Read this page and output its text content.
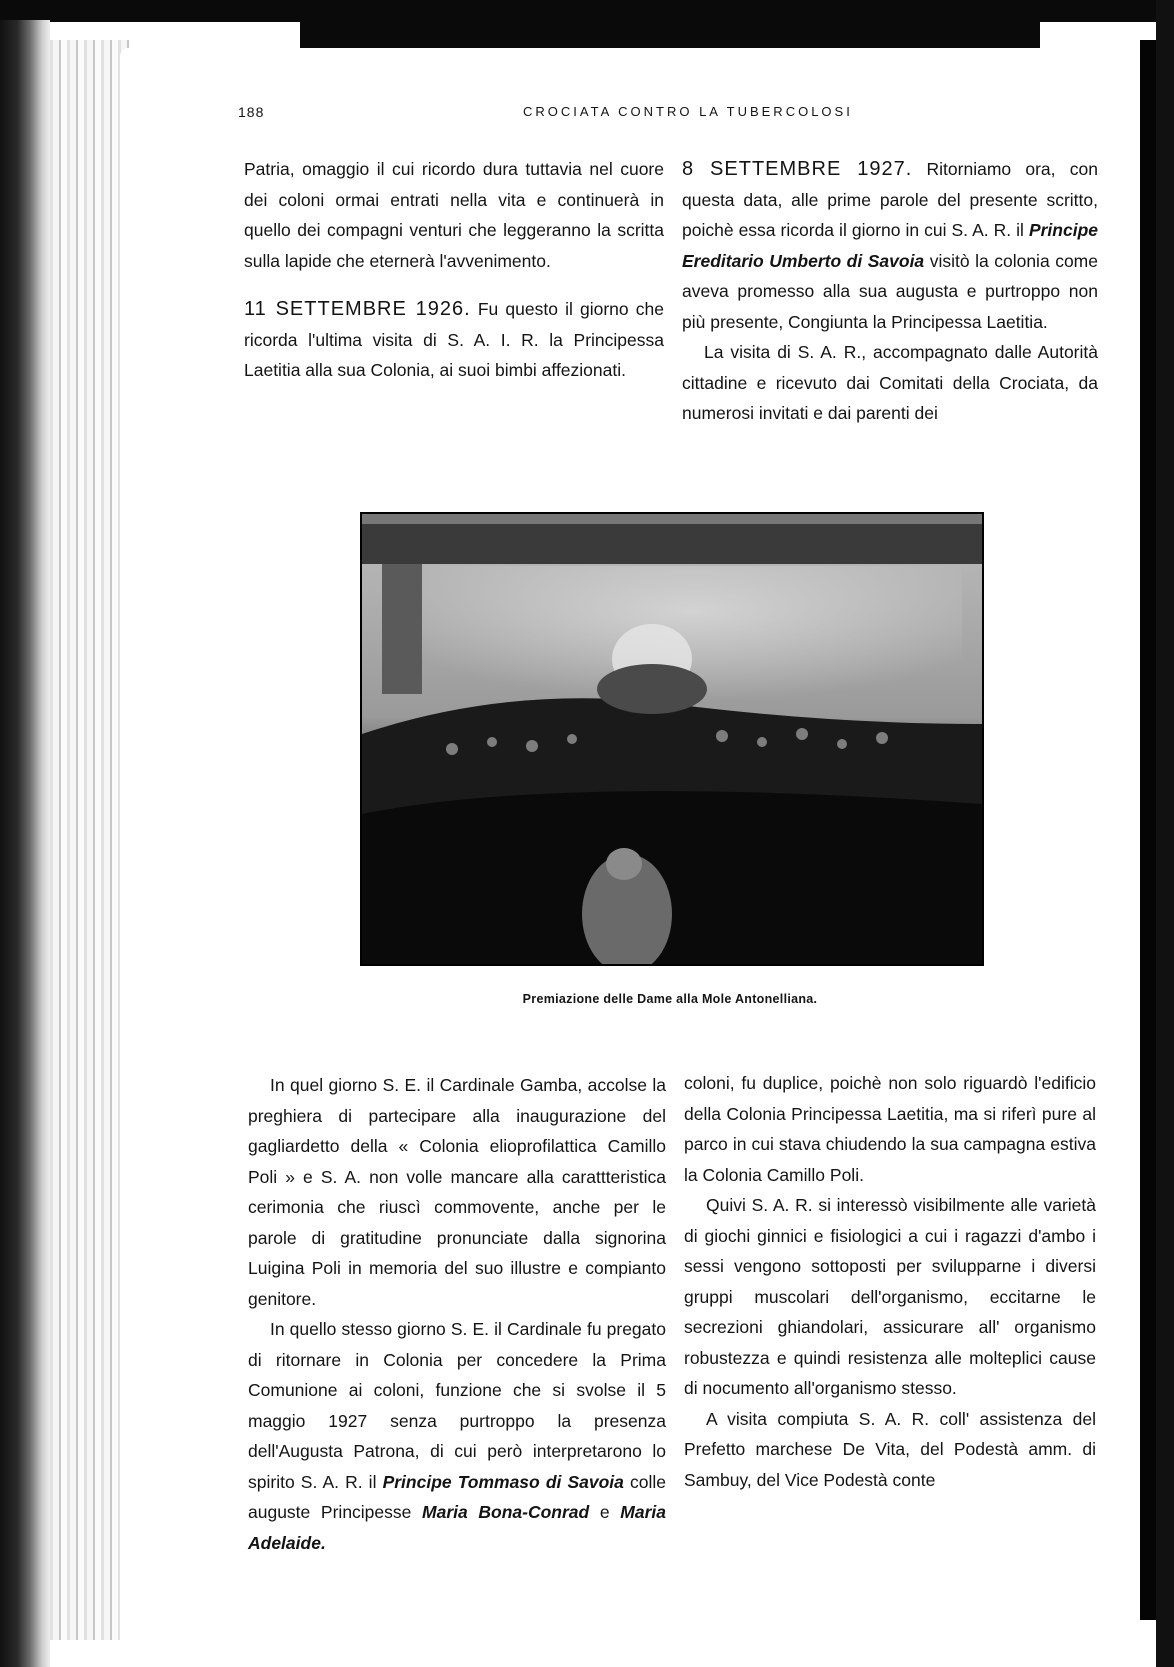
188	CROCIATA CONTRO LA TUBERCOLOSI

Patria, omaggio il cui ricordo dura tuttavia nel cuore dei coloni ormai entrati nella vita e continuerà in quello dei compagni venturi che leggeranno la scritta sulla lapide che eternerà l'avvenimento.

11 SETTEMBRE 1926. Fu questo il giorno che ricorda l'ultima visita di S. A. I. R. la Principessa Laetitia alla sua Colonia, ai suoi bimbi affezionati.

8 SETTEMBRE 1927. Ritorniamo ora, con questa data, alle prime parole del presente scritto, poichè essa ricorda il giorno in cui S. A. R. il Principe Ereditario Umberto di Savoia visitò la colonia come aveva promesso alla sua augusta e purtroppo non più presente, Congiunta la Principessa Laetitia.

La visita di S. A. R., accompagnato dalle Autorità cittadine e ricevuto dai Comitati della Crociata, da numerosi invitati e dai parenti dei

Premiazione delle Dame alla Mole Antonelliana.

In quel giorno S. E. il Cardinale Gamba, accolse la preghiera di partecipare alla inaugurazione del gagliardetto della « Colonia elioprofilattica Camillo Poli » e S. A. non volle mancare alla carattteristica cerimonia che riuscì commovente, anche per le parole di gratitudine pronunciate dalla signorina Luigina Poli in memoria del suo illustre e compianto genitore.

In quello stesso giorno S. E. il Cardinale fu pregato di ritornare in Colonia per concedere la Prima Comunione ai coloni, funzione che si svolse il 5 maggio 1927 senza purtroppo la presenza dell'Augusta Patrona, di cui però interpretarono lo spirito S. A. R. il Principe Tommaso di Savoia colle auguste Principesse Maria Bona-Conrad e Maria Adelaide.

coloni, fu duplice, poichè non solo riguardò l'edificio della Colonia Principessa Laetitia, ma si riferì pure al parco in cui stava chiudendo la sua campagna estiva la Colonia Camillo Poli.

Quivi S. A. R. si interessò visibilmente alle varietà di giochi ginnici e fisiologici a cui i ragazzi d'ambo i sessi vengono sottoposti per svilupparne i diversi gruppi muscolari dell'organismo, eccitarne le secrezioni ghiandolari, assicurare all' organismo robustezza e quindi resistenza alle molteplici cause di nocumento all'organismo stesso.

A visita compiuta S. A. R. coll' assistenza del Prefetto marchese De Vita, del Podestà amm. di Sambuy, del Vice Podestà conte
